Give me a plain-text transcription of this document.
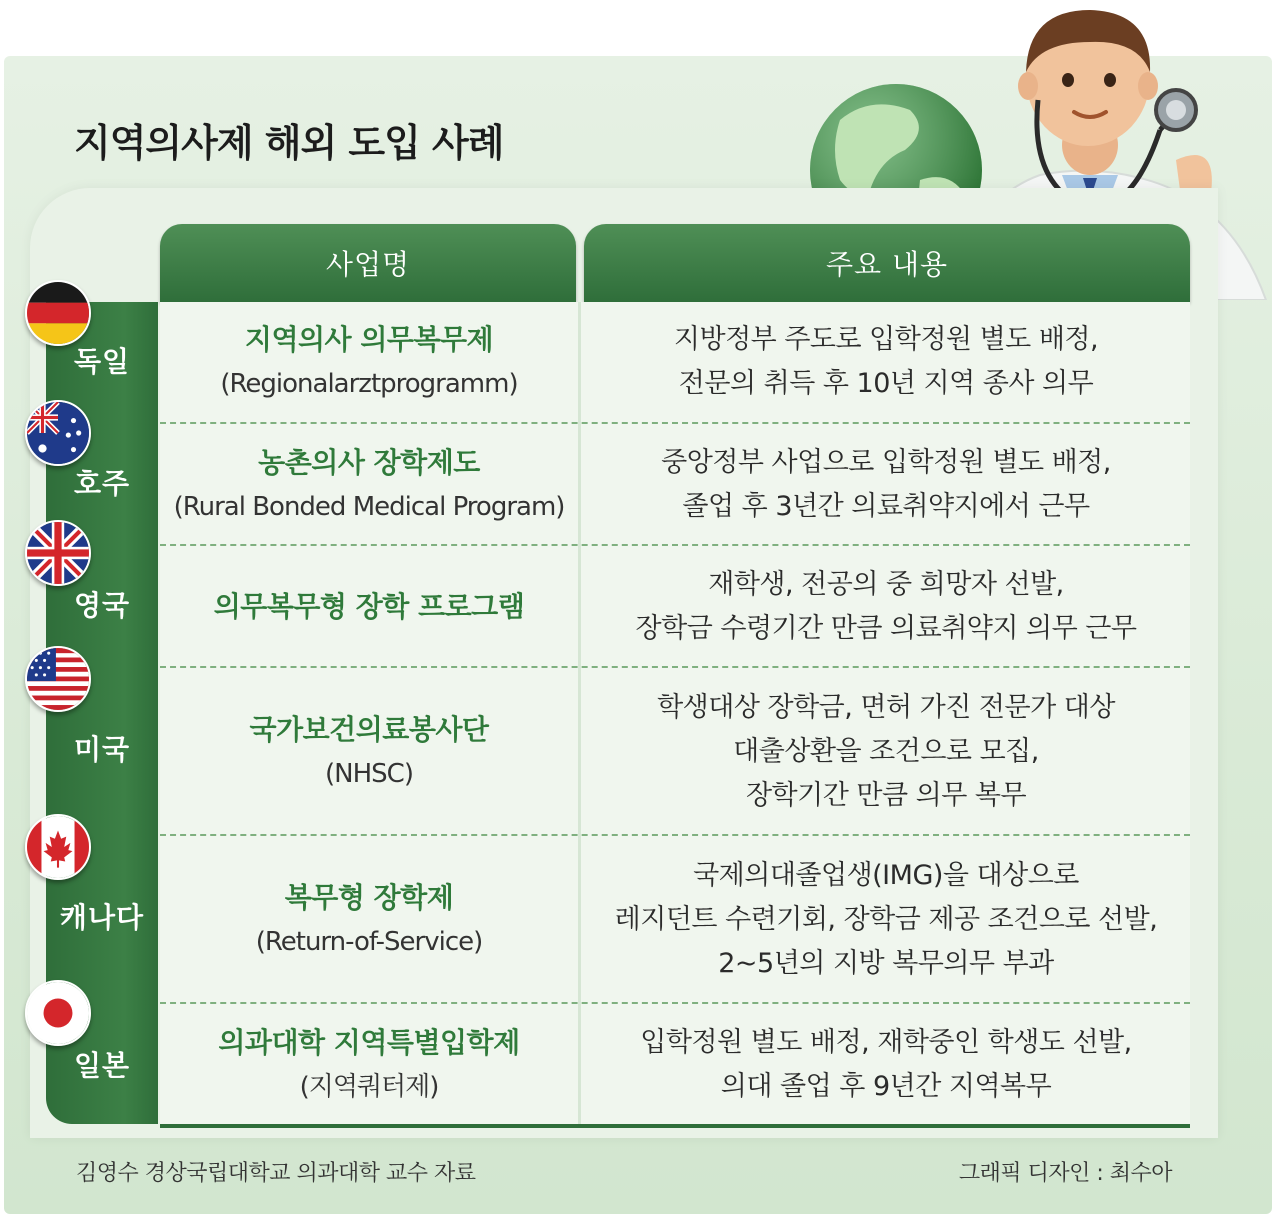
지역의사제 해외 도입 사례
사업명	주요 내용
지역의사 의무복무제
(Regionalarztprogramm)
지방정부 주도로 입학정원 별도 배정,
전문의 취득 후 10년 지역 종사 의무
농촌의사 장학제도
(Rural Bonded Medical Program)
중앙정부 사업으로 입학정원 별도 배정,
졸업 후 3년간 의료취약지에서 근무
의무복무형 장학 프로그램
재학생, 전공의 중 희망자 선발,
장학금 수령기간 만큼 의료취약지 의무 근무
국가보건의료봉사단
(NHSC)
학생대상 장학금, 면허 가진 전문가 대상
대출상환을 조건으로 모집,
장학기간 만큼 의무 복무
복무형 장학제
(Return-of-Service)
국제의대졸업생(IMG)을 대상으로
레지던트 수련기회, 장학금 제공 조건으로 선발,
2~5년의 지방 복무의무 부과
의과대학 지역특별입학제
(지역쿼터제)
입학정원 별도 배정, 재학중인 학생도 선발,
의대 졸업 후 9년간 지역복무
독일
호주
영국
미국
캐나다
일본
김영수 경상국립대학교 의과대학 교수 자료	그래픽 디자인 : 최수아
